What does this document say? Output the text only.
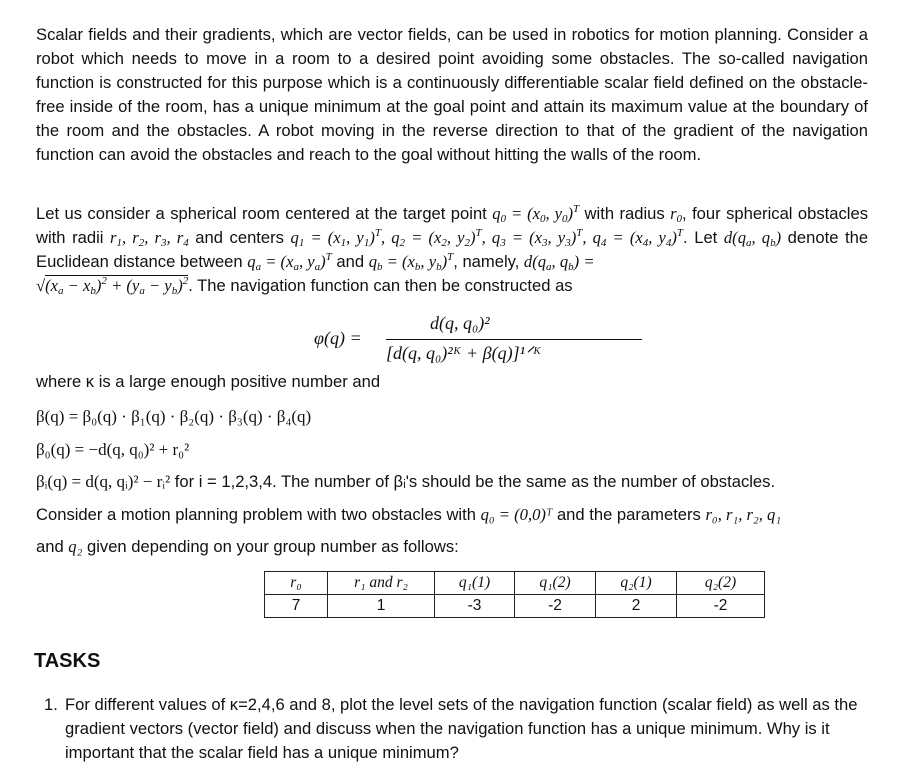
Scalar fields and their gradients, which are vector fields, can be used in robotics for motion planning. Consider a robot which needs to move in a room to a desired point avoiding some obstacles. The so-called navigation function is constructed for this purpose which is a continuously differentiable scalar field defined on the obstacle-free inside of the room, has a unique minimum at the goal point and attain its maximum value at the boundary of the room and the obstacles. A robot moving in the reverse direction to that of the gradient of the navigation function can avoid the obstacles and reach to the goal without hitting the walls of the room.

Let us consider a spherical room centered at the target point $q_0 = (x_0$, $y_0)^T$ with radius $r_0$, four spherical obstacles with radii $r_1$, $r_2$, $r_3$, $r_4$ and centers $q_1 = (x_1$, $y_1)^T$, $q_2 = (x_2$, $y_2)^T$, $q_3 = (x_3$, $y_3)^T$, $q_4 = (x_4$, $y_4)^T$. Let $d(q_a$, $q_b$) denote the Euclidean distance between $q_a = (x_a$, $y_a)^T$ and $q_b = (x_b$, $y_b)^T$, namely, $d(q_a$, $q_b$) =
$√(x_a - x_b)^2 + (y_a - y_b)^2$. The navigation function can then be constructed as

φ(q) =
d(q, q₀)²
[d(q, q₀)²ᴷ + β(q)]¹ᐟᴷ

where κ is a large enough positive number and

β(q) = β₀(q) · β₁(q) · β₂(q) · β₃(q) · β₄(q)

β₀(q) = −d(q, q₀)² + r₀²

βᵢ(q) = d(q, qᵢ)² − rᵢ² for i = 1,2,3,4. The number of βᵢ's should be the same as the number of obstacles.

Consider a motion planning problem with two obstacles with q₀ = (0,0)ᵀ and the parameters r₀, r₁, r₂, q₁

and q₂ given depending on your group number as follows:

r₀	r₁ and r₂	q₁(1)	q₁(2)	q₂(1)	q₂(2)
7	1	-3	-2	2	-2
TASKS
1. For different values of κ=2,4,6 and 8, plot the level sets of the navigation function (scalar field) as well as the gradient vectors (vector field) and discuss when the navigation function has a unique minimum. Why is it important that the scalar field has a unique minimum?
